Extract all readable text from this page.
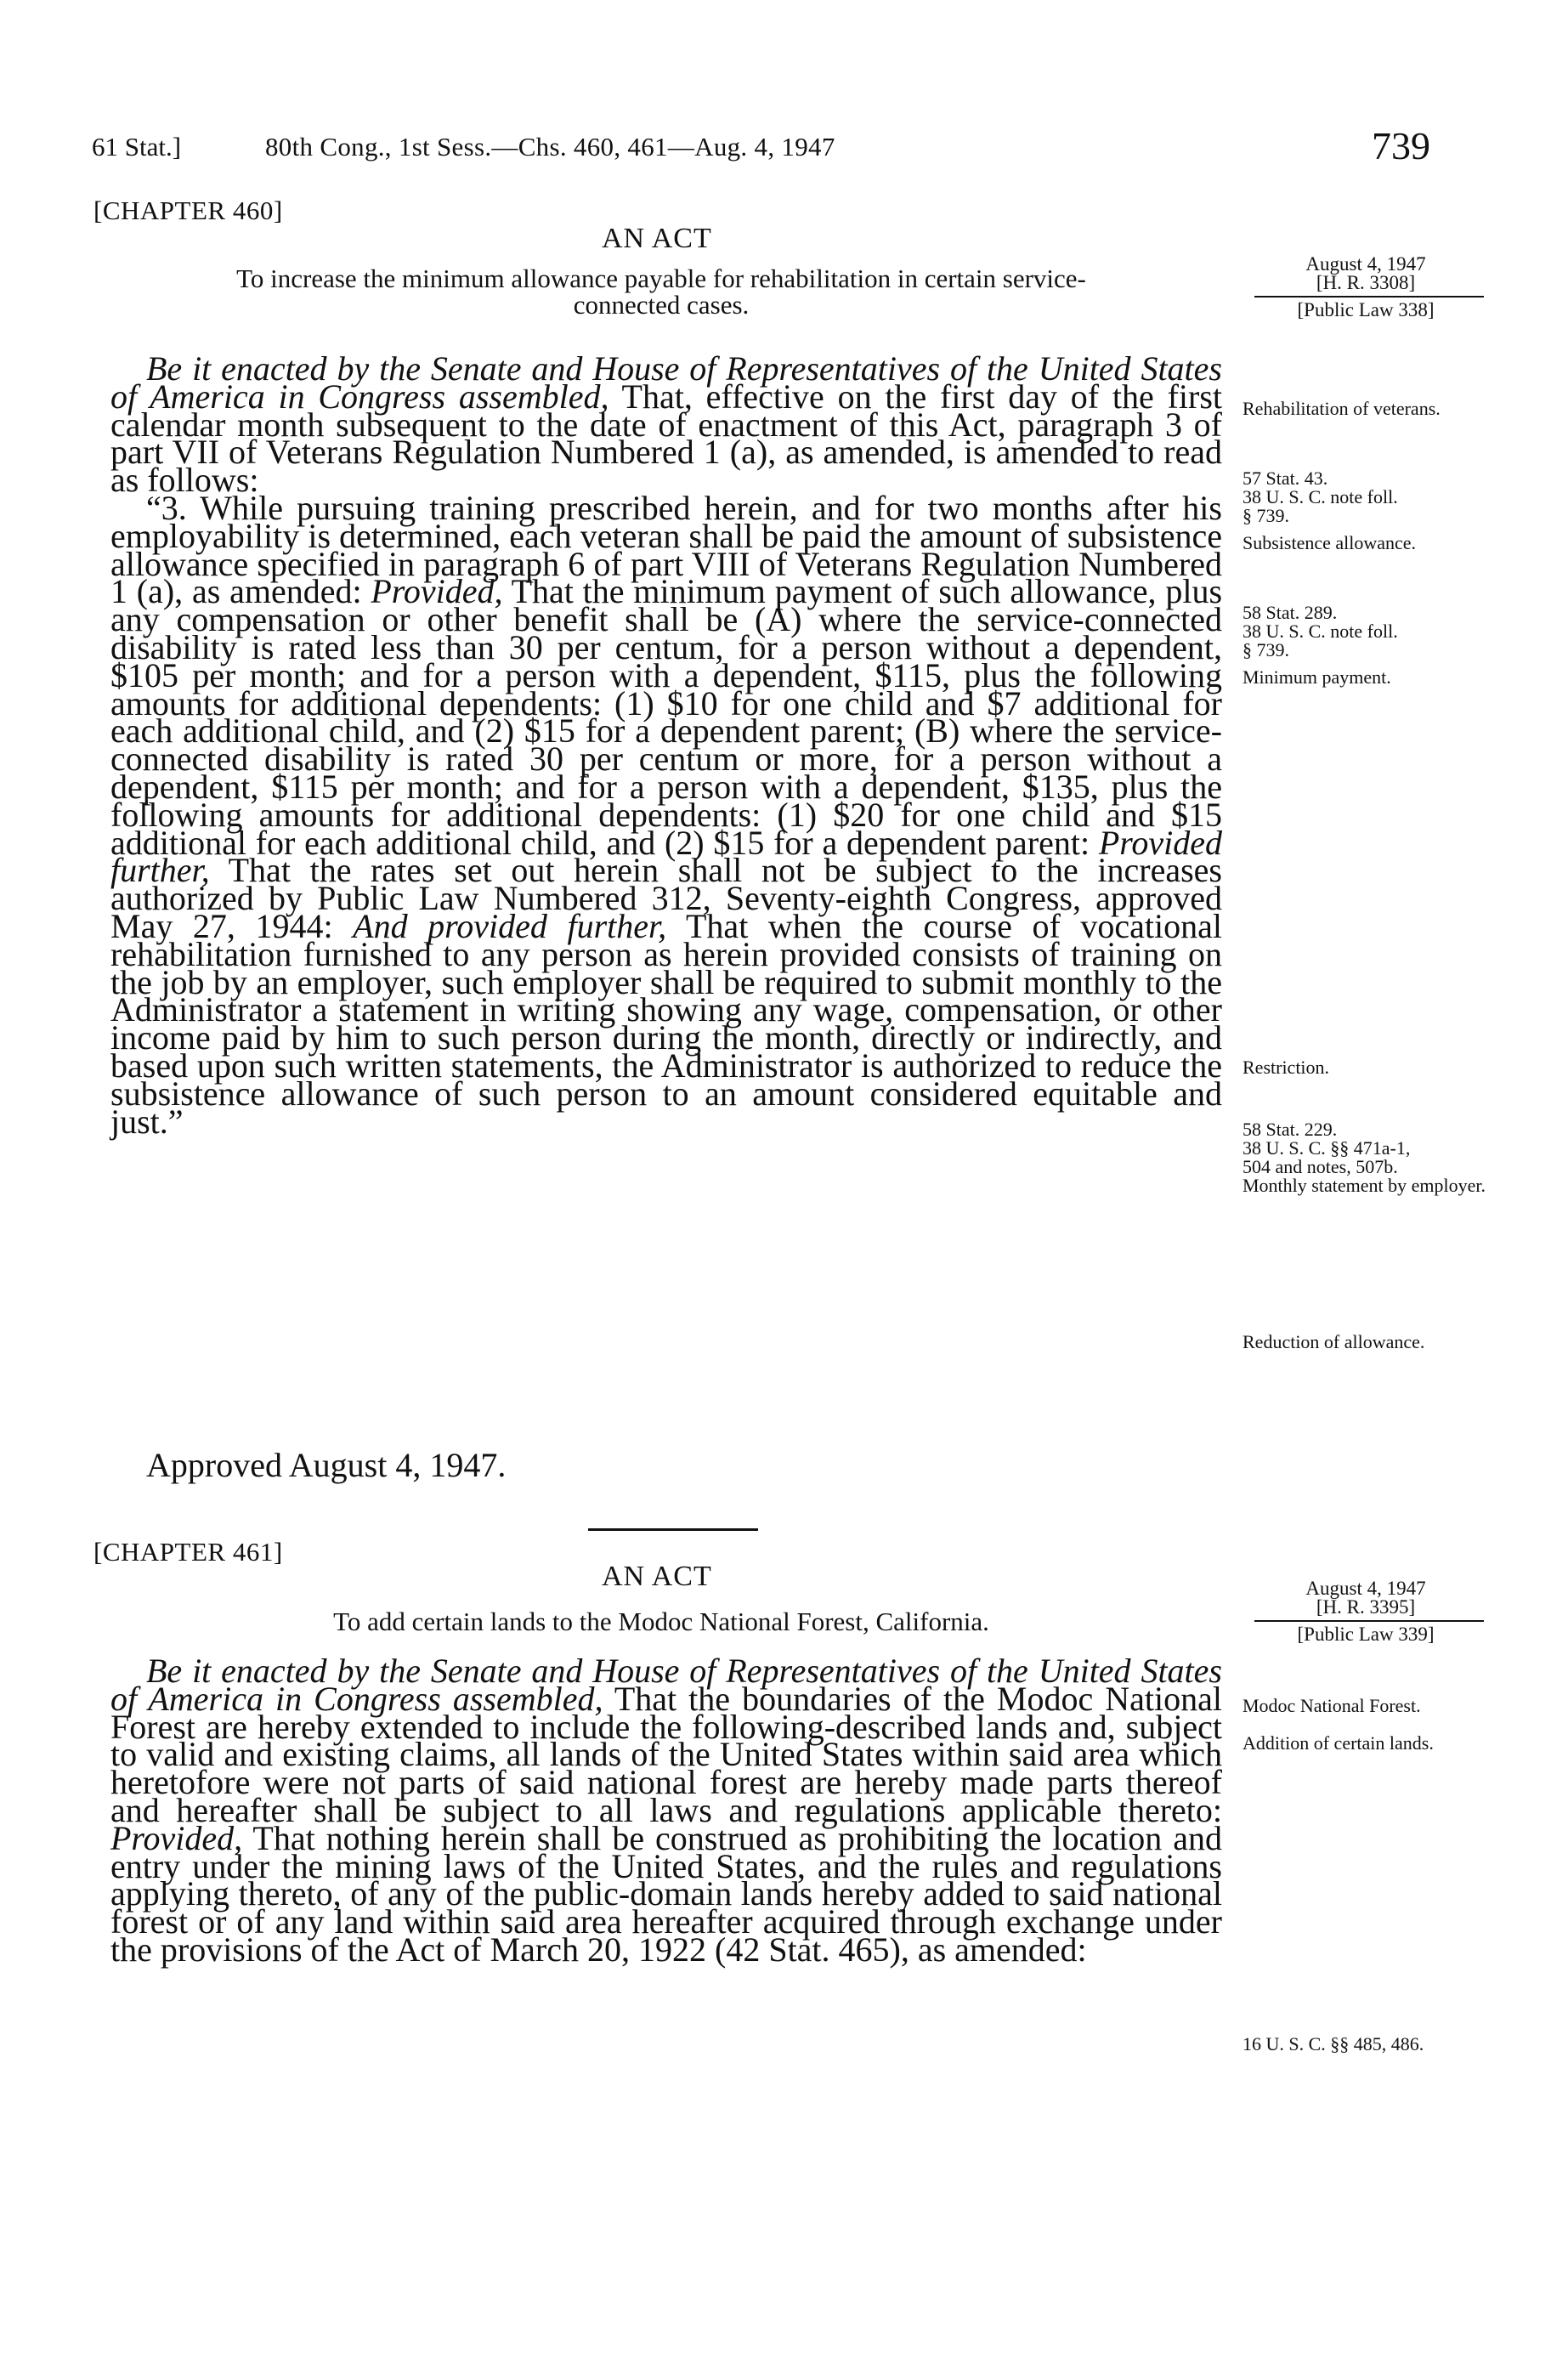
61 Stat.]	80th Cong., 1st Sess.—Chs. 460, 461—Aug. 4, 1947	739
[CHAPTER 460]
AN ACT
To increase the minimum allowance payable for rehabilitation in certain service-
connected cases.
August 4, 1947
[H. R. 3308]
[Public Law 338]

Be it enacted by the Senate and House of Representatives of the United States of America in Congress assembled, That, effective on the first day of the first calendar month subsequent to the date of enactment of this Act, paragraph 3 of part VII of Veterans Regulation Numbered 1 (a), as amended, is amended to read as follows:

“3. While pursuing training prescribed herein, and for two months after his employability is determined, each veteran shall be paid the amount of subsistence allowance specified in paragraph 6 of part VIII of Veterans Regulation Numbered 1 (a), as amended: Provided, That the minimum payment of such allowance, plus any compensation or other benefit shall be (A) where the service-connected disability is rated less than 30 per centum, for a person without a dependent, $105 per month; and for a person with a dependent, $115, plus the following amounts for additional dependents: (1) $10 for one child and $7 additional for each additional child, and (2) $15 for a dependent parent; (B) where the service-connected disability is rated 30 per centum or more, for a person without a dependent, $115 per month; and for a person with a dependent, $135, plus the following amounts for additional dependents: (1) $20 for one child and $15 additional for each additional child, and (2) $15 for a dependent parent: Provided further, That the rates set out herein shall not be subject to the increases authorized by Public Law Numbered 312, Seventy-eighth Congress, approved May 27, 1944: And provided further, That when the course of vocational rehabilitation furnished to any person as herein provided consists of training on the job by an employer, such employer shall be required to submit monthly to the Administrator a statement in writing showing any wage, compensation, or other income paid by him to such person during the month, directly or indirectly, and based upon such written statements, the Administrator is authorized to reduce the subsistence allowance of such person to an amount considered equitable and just.”

Approved August 4, 1947.
Rehabilitation of veterans.
57 Stat. 43.
38 U. S. C. note foll.
§ 739.
Subsistence allowance.
58 Stat. 289.
38 U. S. C. note foll.
§ 739.
Minimum payment.
Restriction.
58 Stat. 229.
38 U. S. C. §§ 471a-1,
504 and notes, 507b.
Monthly statement by employer.
Reduction of allowance.
[CHAPTER 461]
AN ACT
To add certain lands to the Modoc National Forest, California.
August 4, 1947
[H. R. 3395]
[Public Law 339]

Be it enacted by the Senate and House of Representatives of the United States of America in Congress assembled, That the boundaries of the Modoc National Forest are hereby extended to include the following-described lands and, subject to valid and existing claims, all lands of the United States within said area which heretofore were not parts of said national forest are hereby made parts thereof and hereafter shall be subject to all laws and regulations applicable thereto: Provided, That nothing herein shall be construed as prohibiting the location and entry under the mining laws of the United States, and the rules and regulations applying thereto, of any of the public-domain lands hereby added to said national forest or of any land within said area hereafter acquired through exchange under the provisions of the Act of March 20, 1922 (42 Stat. 465), as amended:

Modoc National Forest.
Addition of certain lands.
16 U. S. C. §§ 485, 486.
